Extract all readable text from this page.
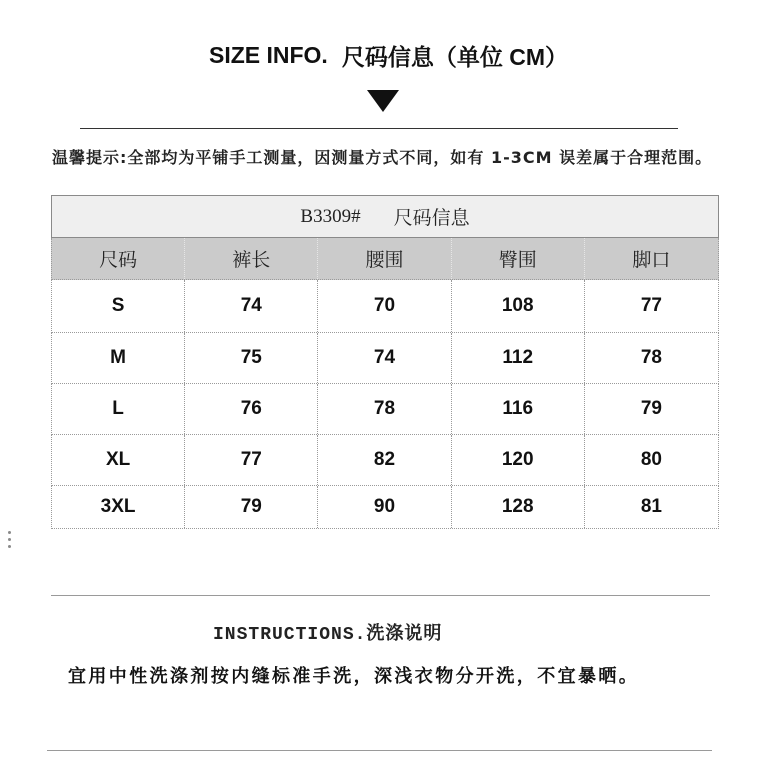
SIZE INFO. 尺码信息（单位 CM）
温馨提示:全部均为平铺手工测量，因测量方式不同，如有 1-3CM 误差属于合理范围。
B3309# 尺码信息
尺码	裤长	腰围	臀围	脚口
S	74	70	108	77
M	75	74	112	78
L	76	78	116	79
XL	77	82	120	80
3XL	79	90	128	81
INSTRUCTIONS.洗涤说明
宜用中性洗涤剂按内缝标准手洗，深浅衣物分开洗，不宜暴晒。
